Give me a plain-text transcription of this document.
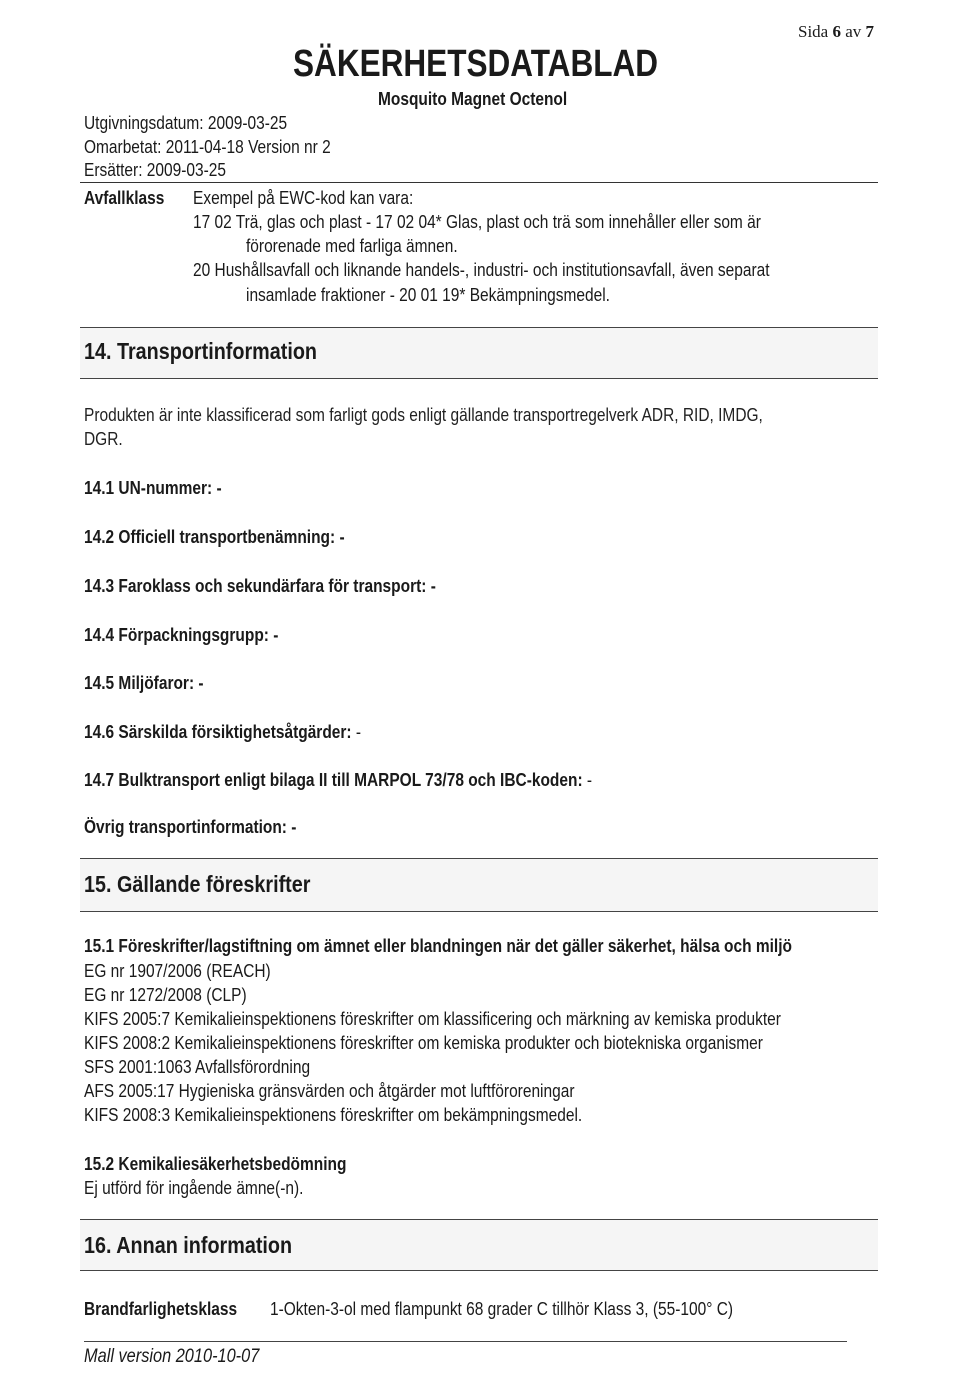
Sida 6 av 7
SÄKERHETSDATABLAD
Mosquito Magnet Octenol
Utgivningsdatum: 2009-03-25
Omarbetat: 2011-04-18 Version nr 2
Ersätter: 2009-03-25
Avfallklass Exempel på EWC-kod kan vara:
17 02 Trä, glas och plast - 17 02 04* Glas, plast och trä som innehåller eller som är
förorenade med farliga ämnen.
20 Hushållsavfall och liknande handels-, industri- och institutionsavfall, även separat
insamlade fraktioner - 20 01 19* Bekämpningsmedel.
14. Transportinformation
Produkten är inte klassificerad som farligt gods enligt gällande transportregelverk ADR, RID, IMDG,
DGR.
14.1 UN-nummer: -
14.2 Officiell transportbenämning: -
14.3 Faroklass och sekundärfara för transport: -
14.4 Förpackningsgrupp: -
14.5 Miljöfaror: -
14.6 Särskilda försiktighetsåtgärder: -
14.7 Bulktransport enligt bilaga II till MARPOL 73/78 och IBC-koden: -
Övrig transportinformation: -
15. Gällande föreskrifter
15.1 Föreskrifter/lagstiftning om ämnet eller blandningen när det gäller säkerhet, hälsa och miljö
EG nr 1907/2006 (REACH)
EG nr 1272/2008 (CLP)
KIFS 2005:7 Kemikalieinspektionens föreskrifter om klassificering och märkning av kemiska produkter
KIFS 2008:2 Kemikalieinspektionens föreskrifter om kemiska produkter och biotekniska organismer
SFS 2001:1063 Avfallsförordning
AFS 2005:17 Hygieniska gränsvärden och åtgärder mot luftföroreningar
KIFS 2008:3 Kemikalieinspektionens föreskrifter om bekämpningsmedel.
15.2 Kemikaliesäkerhetsbedömning
Ej utförd för ingående ämne(-n).
16. Annan information
Brandfarlighetsklass 1-Okten-3-ol med flampunkt 68 grader C tillhör Klass 3, (55-100° C)
Mall version 2010-10-07
